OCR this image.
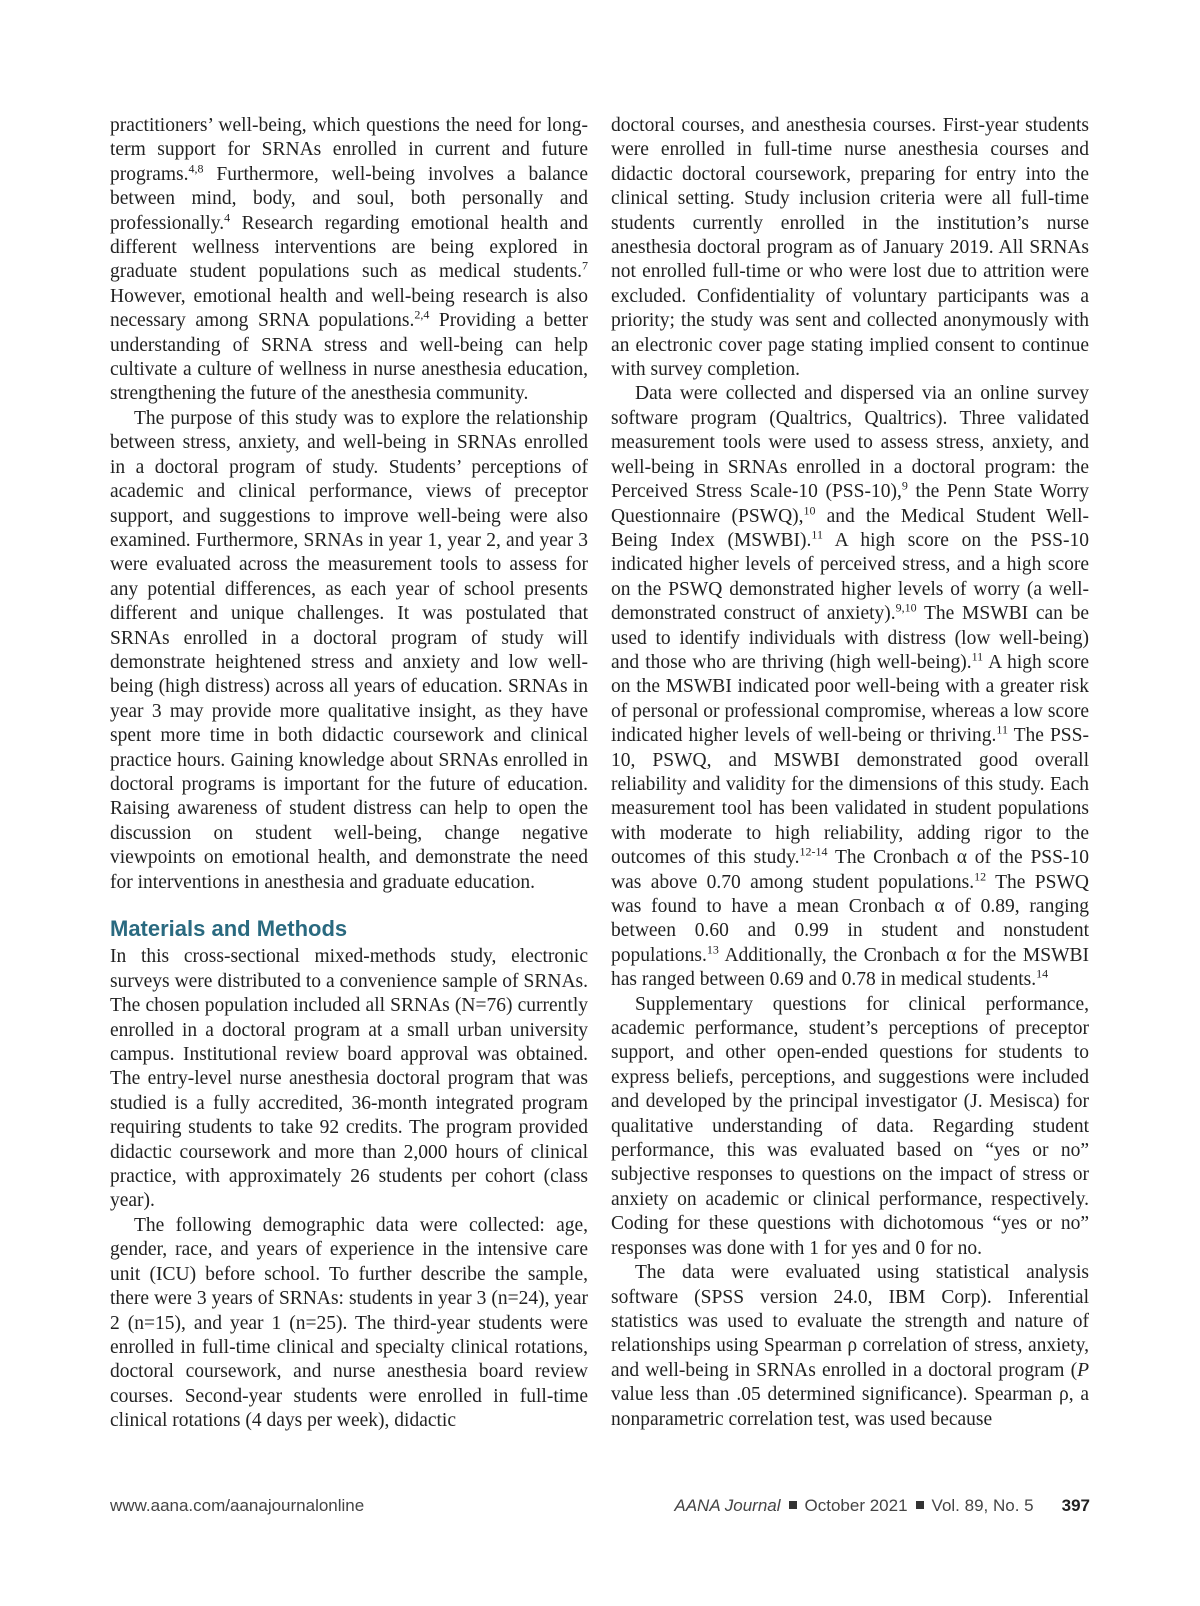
practitioners’ well-being, which questions the need for long-term support for SRNAs enrolled in current and future programs.$^{4,8}$ Furthermore, well-being involves a balance between mind, body, and soul, both personally and professionally.$^4$ Research regarding emotional health and different wellness interventions are being explored in graduate student populations such as medical students.$^7$ However, emotional health and well-being research is also necessary among SRNA populations.$^{2,4}$ Providing a better understanding of SRNA stress and well-being can help cultivate a culture of wellness in nurse anesthesia education, strengthening the future of the anesthesia community.

The purpose of this study was to explore the relationship between stress, anxiety, and well-being in SRNAs enrolled in a doctoral program of study. Students’ perceptions of academic and clinical performance, views of preceptor support, and suggestions to improve well-being were also examined. Furthermore, SRNAs in year 1, year 2, and year 3 were evaluated across the measurement tools to assess for any potential differences, as each year of school presents different and unique challenges. It was postulated that SRNAs enrolled in a doctoral program of study will demonstrate heightened stress and anxiety and low well-being (high distress) across all years of education. SRNAs in year 3 may provide more qualitative insight, as they have spent more time in both didactic coursework and clinical practice hours. Gaining knowledge about SRNAs enrolled in doctoral programs is important for the future of education. Raising awareness of student distress can help to open the discussion on student well-being, change negative viewpoints on emotional health, and demonstrate the need for interventions in anesthesia and graduate education.

Materials and Methods

In this cross-sectional mixed-methods study, electronic surveys were distributed to a convenience sample of SRNAs. The chosen population included all SRNAs (N=76) currently enrolled in a doctoral program at a small urban university campus. Institutional review board approval was obtained. The entry-level nurse anesthesia doctoral program that was studied is a fully accredited, 36-month integrated program requiring students to take 92 credits. The program provided didactic coursework and more than 2,000 hours of clinical practice, with approximately 26 students per cohort (class year).

The following demographic data were collected: age, gender, race, and years of experience in the intensive care unit (ICU) before school. To further describe the sample, there were 3 years of SRNAs: students in year 3 (n=24), year 2 (n=15), and year 1 (n=25). The third-year students were enrolled in full-time clinical and specialty clinical rotations, doctoral coursework, and nurse anesthesia board review courses. Second-year students were enrolled in full-time clinical rotations (4 days per week), didactic

doctoral courses, and anesthesia courses. First-year students were enrolled in full-time nurse anesthesia courses and didactic doctoral coursework, preparing for entry into the clinical setting. Study inclusion criteria were all full-time students currently enrolled in the institution’s nurse anesthesia doctoral program as of January 2019. All SRNAs not enrolled full-time or who were lost due to attrition were excluded. Confidentiality of voluntary participants was a priority; the study was sent and collected anonymously with an electronic cover page stating implied consent to continue with survey completion.

Data were collected and dispersed via an online survey software program (Qualtrics, Qualtrics). Three validated measurement tools were used to assess stress, anxiety, and well-being in SRNAs enrolled in a doctoral program: the Perceived Stress Scale-10 (PSS-10),$^9$ the Penn State Worry Questionnaire (PSWQ),$^{10}$ and the Medical Student Well-Being Index (MSWBI).$^{11}$ A high score on the PSS-10 indicated higher levels of perceived stress, and a high score on the PSWQ demonstrated higher levels of worry (a well-demonstrated construct of anxiety).$^{9,10}$ The MSWBI can be used to identify individuals with distress (low well-being) and those who are thriving (high well-being).$^{11}$ A high score on the MSWBI indicated poor well-being with a greater risk of personal or professional compromise, whereas a low score indicated higher levels of well-being or thriving.$^{11}$ The PSS-10, PSWQ, and MSWBI demonstrated good overall reliability and validity for the dimensions of this study. Each measurement tool has been validated in student populations with moderate to high reliability, adding rigor to the outcomes of this study.$^{12-14}$ The Cronbach α of the PSS-10 was above 0.70 among student populations.$^{12}$ The PSWQ was found to have a mean Cronbach α of 0.89, ranging between 0.60 and 0.99 in student and nonstudent populations.$^{13}$ Additionally, the Cronbach α for the MSWBI has ranged between 0.69 and 0.78 in medical students.$^{14}$

Supplementary questions for clinical performance, academic performance, student’s perceptions of preceptor support, and other open-ended questions for students to express beliefs, perceptions, and suggestions were included and developed by the principal investigator (J. Mesisca) for qualitative understanding of data. Regarding student performance, this was evaluated based on “yes or no” subjective responses to questions on the impact of stress or anxiety on academic or clinical performance, respectively. Coding for these questions with dichotomous “yes or no” responses was done with 1 for yes and 0 for no.

The data were evaluated using statistical analysis software (SPSS version 24.0, IBM Corp). Inferential statistics was used to evaluate the strength and nature of relationships using Spearman ρ correlation of stress, anxiety, and well-being in SRNAs enrolled in a doctoral program (P value less than .05 determined significance). Spearman ρ, a nonparametric correlation test, was used because

www.aana.com/aanajournalonline	AANA Journal October 2021 Vol. 89, No. 5 397
